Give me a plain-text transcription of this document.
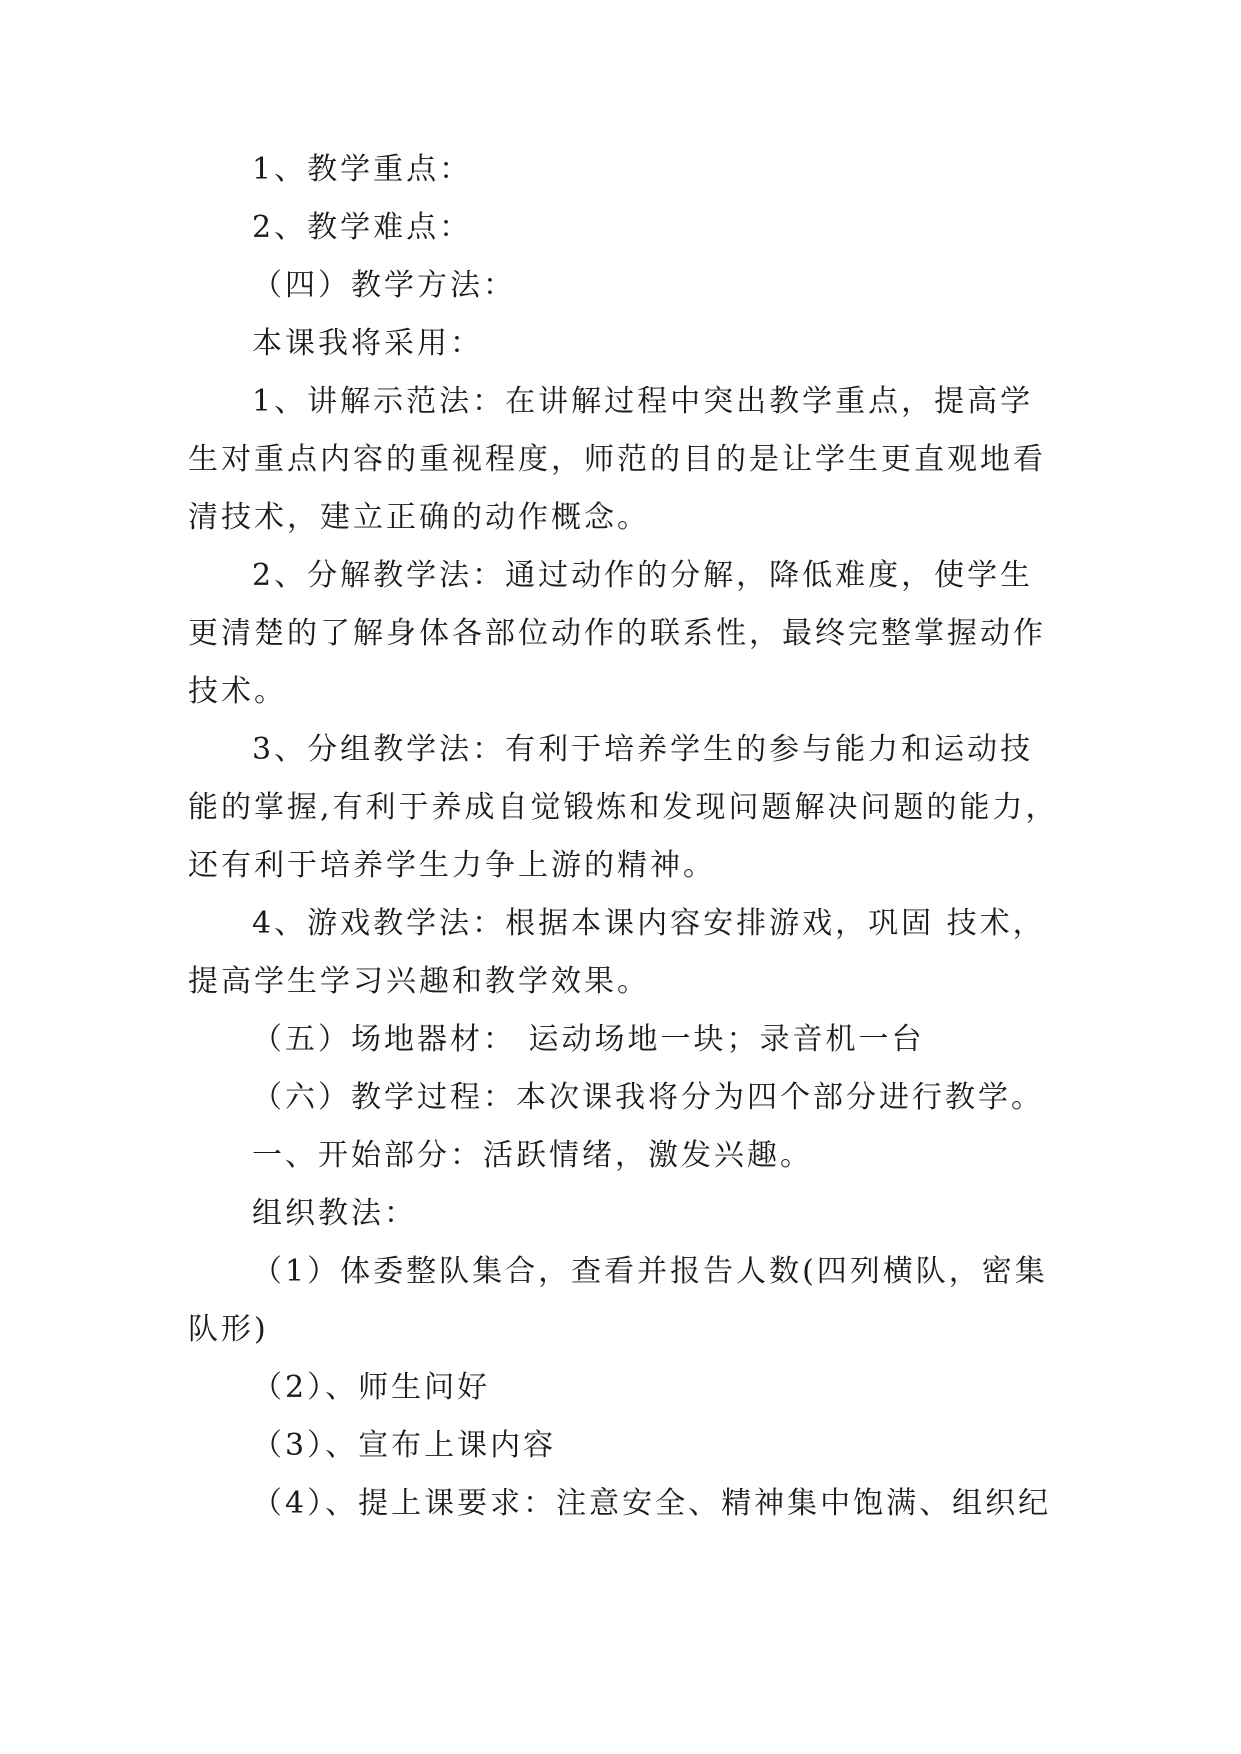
1、教学重点：
2、教学难点：
（四）教学方法：
本课我将采用：
1、讲解示范法：在讲解过程中突出教学重点，提高学
生对重点内容的重视程度，师范的目的是让学生更直观地看
清技术，建立正确的动作概念。
2、分解教学法：通过动作的分解，降低难度，使学生
更清楚的了解身体各部位动作的联系性，最终完整掌握动作
技术。
3、分组教学法：有利于培养学生的参与能力和运动技
能的掌握,有利于养成自觉锻炼和发现问题解决问题的能力，
还有利于培养学生力争上游的精神。
4、游戏教学法：根据本课内容安排游戏，巩固 技术，
提高学生学习兴趣和教学效果。
（五）场地器材： 运动场地一块；录音机一台
（六）教学过程：本次课我将分为四个部分进行教学。
一、开始部分：活跃情绪，激发兴趣。
组织教法：
（1）体委整队集合，查看并报告人数(四列横队，密集
队形)
（2）、师生问好
（3）、宣布上课内容
（4）、提上课要求：注意安全、精神集中饱满、组织纪
